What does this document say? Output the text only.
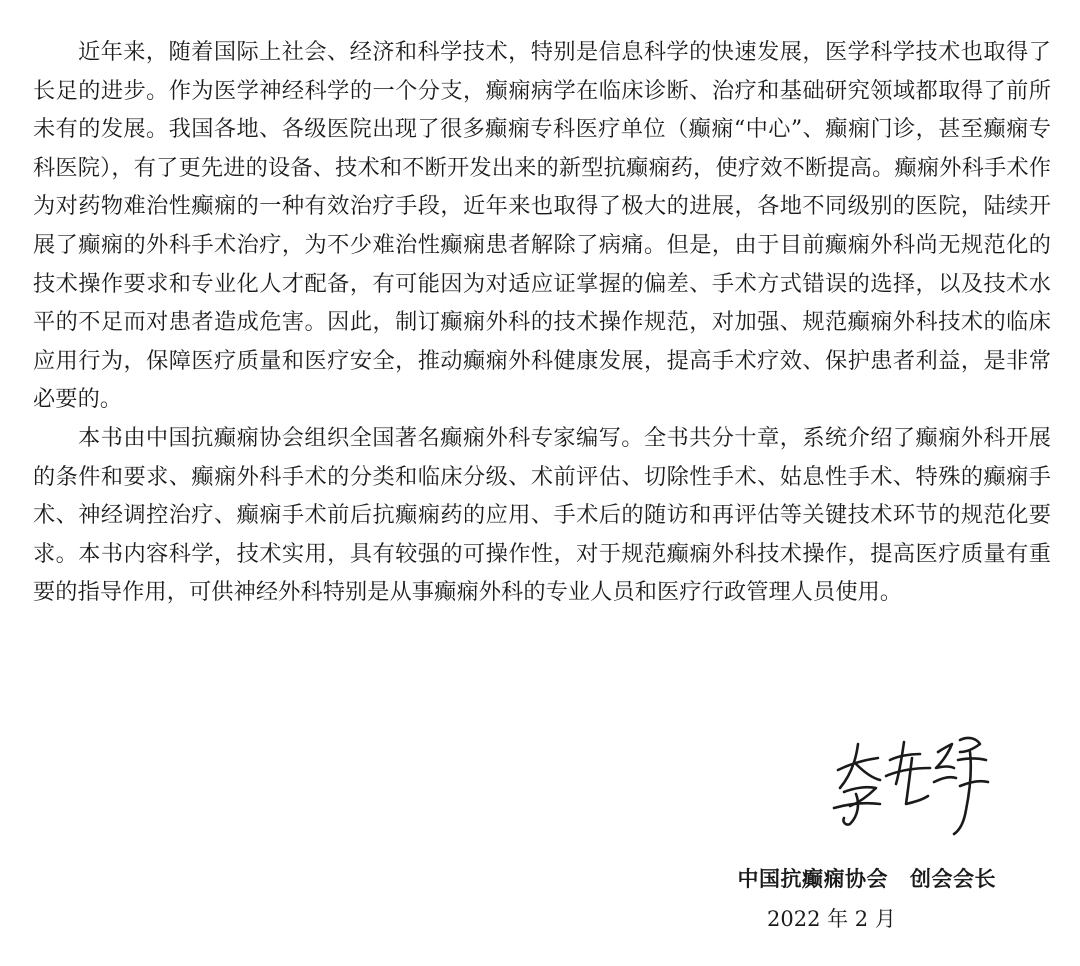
近年来，随着国际上社会、经济和科学技术，特别是信息科学的快速发展，医学科学技术也取得了长足的进步。作为医学神经科学的一个分支，癫痫病学在临床诊断、治疗和基础研究领域都取得了前所未有的发展。我国各地、各级医院出现了很多癫痫专科医疗单位（癫痫“中心”、癫痫门诊，甚至癫痫专科医院），有了更先进的设备、技术和不断开发出来的新型抗癫痫药，使疗效不断提高。癫痫外科手术作为对药物难治性癫痫的一种有效治疗手段，近年来也取得了极大的进展，各地不同级别的医院，陆续开展了癫痫的外科手术治疗，为不少难治性癫痫患者解除了病痛。但是，由于目前癫痫外科尚无规范化的技术操作要求和专业化人才配备，有可能因为对适应证掌握的偏差、手术方式错误的选择，以及技术水平的不足而对患者造成危害。因此，制订癫痫外科的技术操作规范，对加强、规范癫痫外科技术的临床应用行为，保障医疗质量和医疗安全，推动癫痫外科健康发展，提高手术疗效、保护患者利益，是非常必要的。

本书由中国抗癫痫协会组织全国著名癫痫外科专家编写。全书共分十章，系统介绍了癫痫外科开展的条件和要求、癫痫外科手术的分类和临床分级、术前评估、切除性手术、姑息性手术、特殊的癫痫手术、神经调控治疗、癫痫手术前后抗癫痫药的应用、手术后的随访和再评估等关键技术环节的规范化要求。本书内容科学，技术实用，具有较强的可操作性，对于规范癫痫外科技术操作，提高医疗质量有重要的指导作用，可供神经外科特别是从事癫痫外科的专业人员和医疗行政管理人员使用。

中国抗癫痫协会 创会会长
2022 年 2 月
